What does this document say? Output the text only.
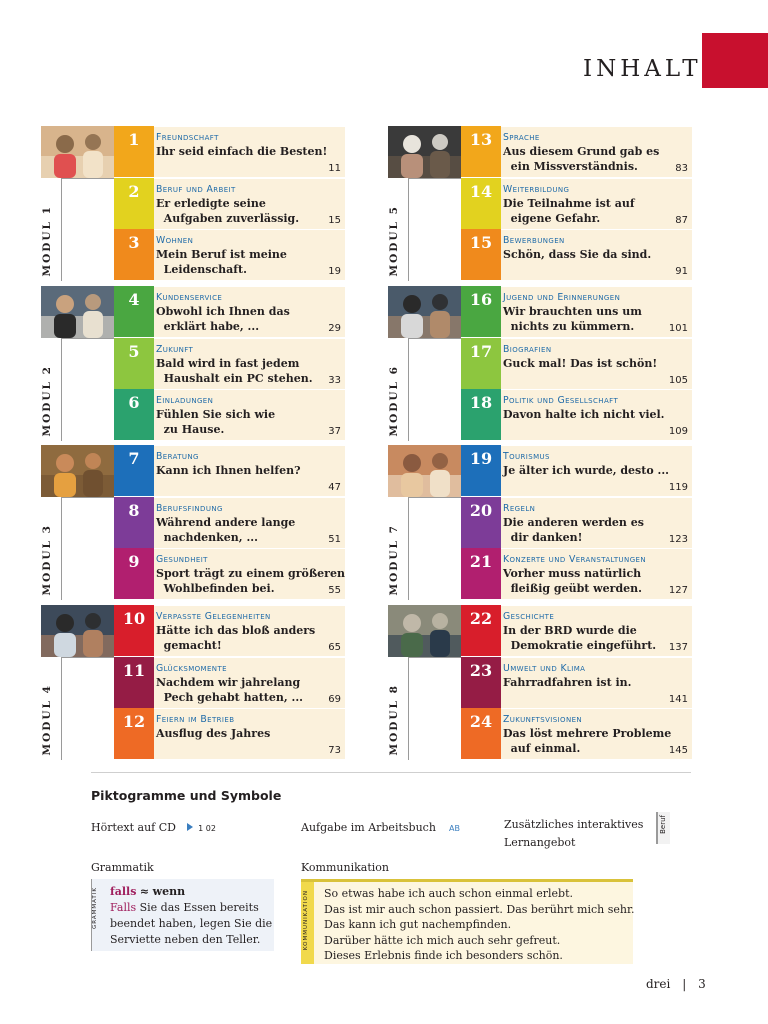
INHALT
MODUL 1
1	Freundschaft
Ihr seid einfach die Besten!
11
2	Beruf und Arbeit
Er erledigte seine
Aufgaben zuverlässig.	15
3	Wohnen
Mein Beruf ist meine
Leidenschaft.	19
MODUL 2
4	Kundenservice
Obwohl ich Ihnen das
erklärt habe, ...	29
5	Zukunft
Bald wird in fast jedem
Haushalt ein PC stehen.	33
6	Einladungen
Fühlen Sie sich wie
zu Hause.	37
MODUL 3
7	Beratung
Kann ich Ihnen helfen?
47
8	Berufsfindung
Während andere lange
nachdenken, ...	51
9	Gesundheit
Sport trägt zu einem größeren
Wohlbefinden bei.	55
MODUL 4
10	Verpasste Gelegenheiten
Hätte ich das bloß anders
gemacht!	65
11	Glücksmomente
Nachdem wir jahrelang
Pech gehabt hatten, ...	69
12	Feiern im Betrieb
Ausflug des Jahres
73
MODUL 5
13	Sprache
Aus diesem Grund gab es
ein Missverständnis.	83
14	Weiterbildung
Die Teilnahme ist auf
eigene Gefahr.	87
15	Bewerbungen
Schön, dass Sie da sind.
91
MODUL 6
16	Jugend und Erinnerungen
Wir brauchten uns um
nichts zu kümmern.	101
17	Biografien
Guck mal! Das ist schön!
105
18	Politik und Gesellschaft
Davon halte ich nicht viel.
109
MODUL 7
19	Tourismus
Je älter ich wurde, desto ...
119
20	Regeln
Die anderen werden es
dir danken!	123
21	Konzerte und Veranstaltungen
Vorher muss natürlich
fleißig geübt werden.	127
MODUL 8
22	Geschichte
In der BRD wurde die
Demokratie eingeführt.	137
23	Umwelt und Klima
Fahrradfahren ist in.
141
24	Zukunftsvisionen
Das löst mehrere Probleme
auf einmal.	145
Piktogramme und Symbole
Hörtext auf CD	1 02	Aufgabe im Arbeitsbuch AB	Zusätzliches interaktives
Lernangebot
Beruf
Grammatik
GRAMMATIK falls ≈ wenn
Falls Sie das Essen bereits
beendet haben, legen Sie die
Serviette neben den Teller.
Kommunikation
KOMMUNIKATION So etwas habe ich auch schon einmal erlebt.
Das ist mir auch schon passiert. Das berührt mich sehr.
Das kann ich gut nachempfinden.
Darüber hätte ich mich auch sehr gefreut.
Dieses Erlebnis finde ich besonders schön.
drei | 3
